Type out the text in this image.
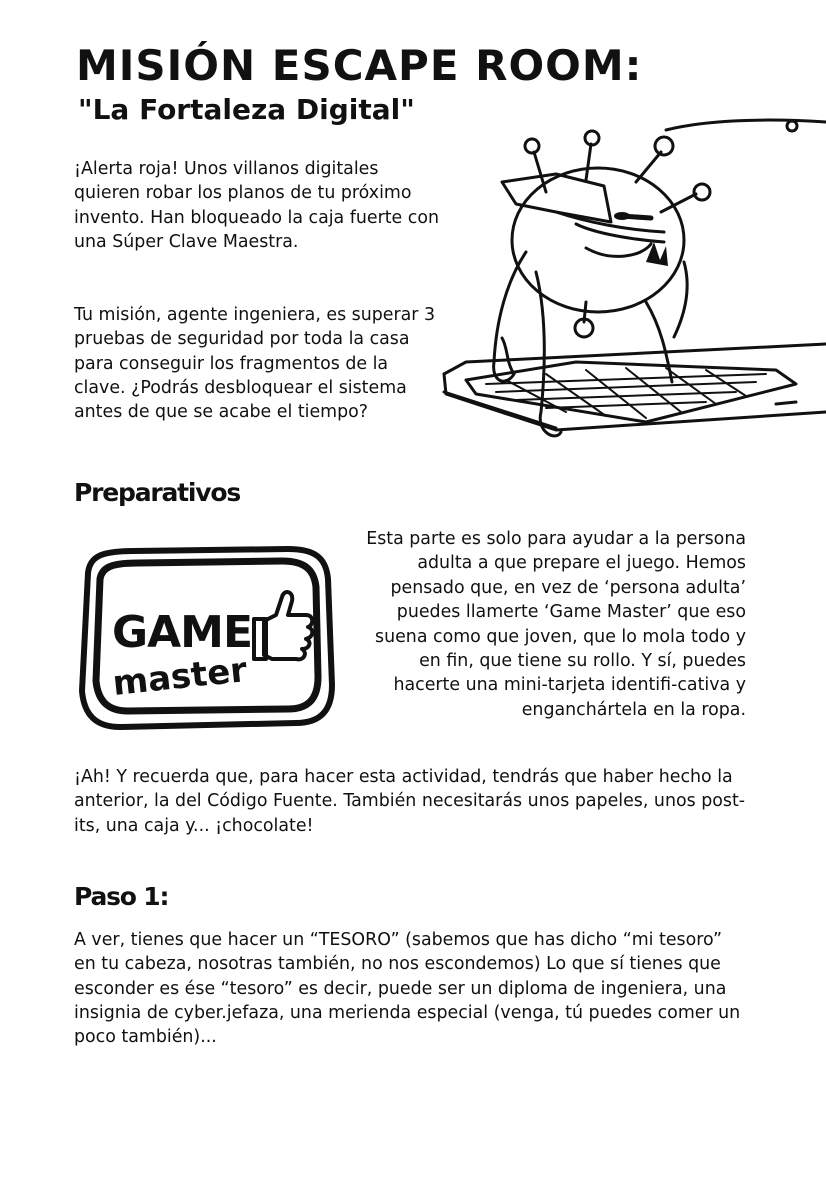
MISIÓN ESCAPE ROOM:
"La Fortaleza Digital"

¡Alerta roja! Unos villanos digitales quieren robar los planos de tu próximo invento. Han bloqueado la caja fuerte con una Súper Clave Maestra.

Tu misión, agente ingeniera, es superar 3 pruebas de seguridad por toda la casa para conseguir los fragmentos de la clave. ¿Podrás desbloquear el sistema antes de que se acabe el tiempo?

Preparativos
GAME
master

Esta parte es solo para ayudar a la persona adulta a que prepare el juego. Hemos pensado que, en vez de ‘persona adulta’ puedes llamerte ‘Game Master’ que eso suena como que joven, que lo mola todo y en fin, que tiene su rollo. Y sí, puedes hacerte una mini-tarjeta identifi-cativa y enganchártela en la ropa.

¡Ah! Y recuerda que, para hacer esta actividad, tendrás que haber hecho la anterior, la del Código Fuente. También necesitarás unos papeles, unos post-its, una caja y... ¡chocolate!

Paso 1:

A ver, tienes que hacer un “TESORO” (sabemos que has dicho “mi tesoro” en tu cabeza, nosotras también, no nos escondemos) Lo que sí tienes que esconder es ése “tesoro” es decir, puede ser un diploma de ingeniera, una insignia de cyber.jefaza, una merienda especial (venga, tú puedes comer un poco también)...
